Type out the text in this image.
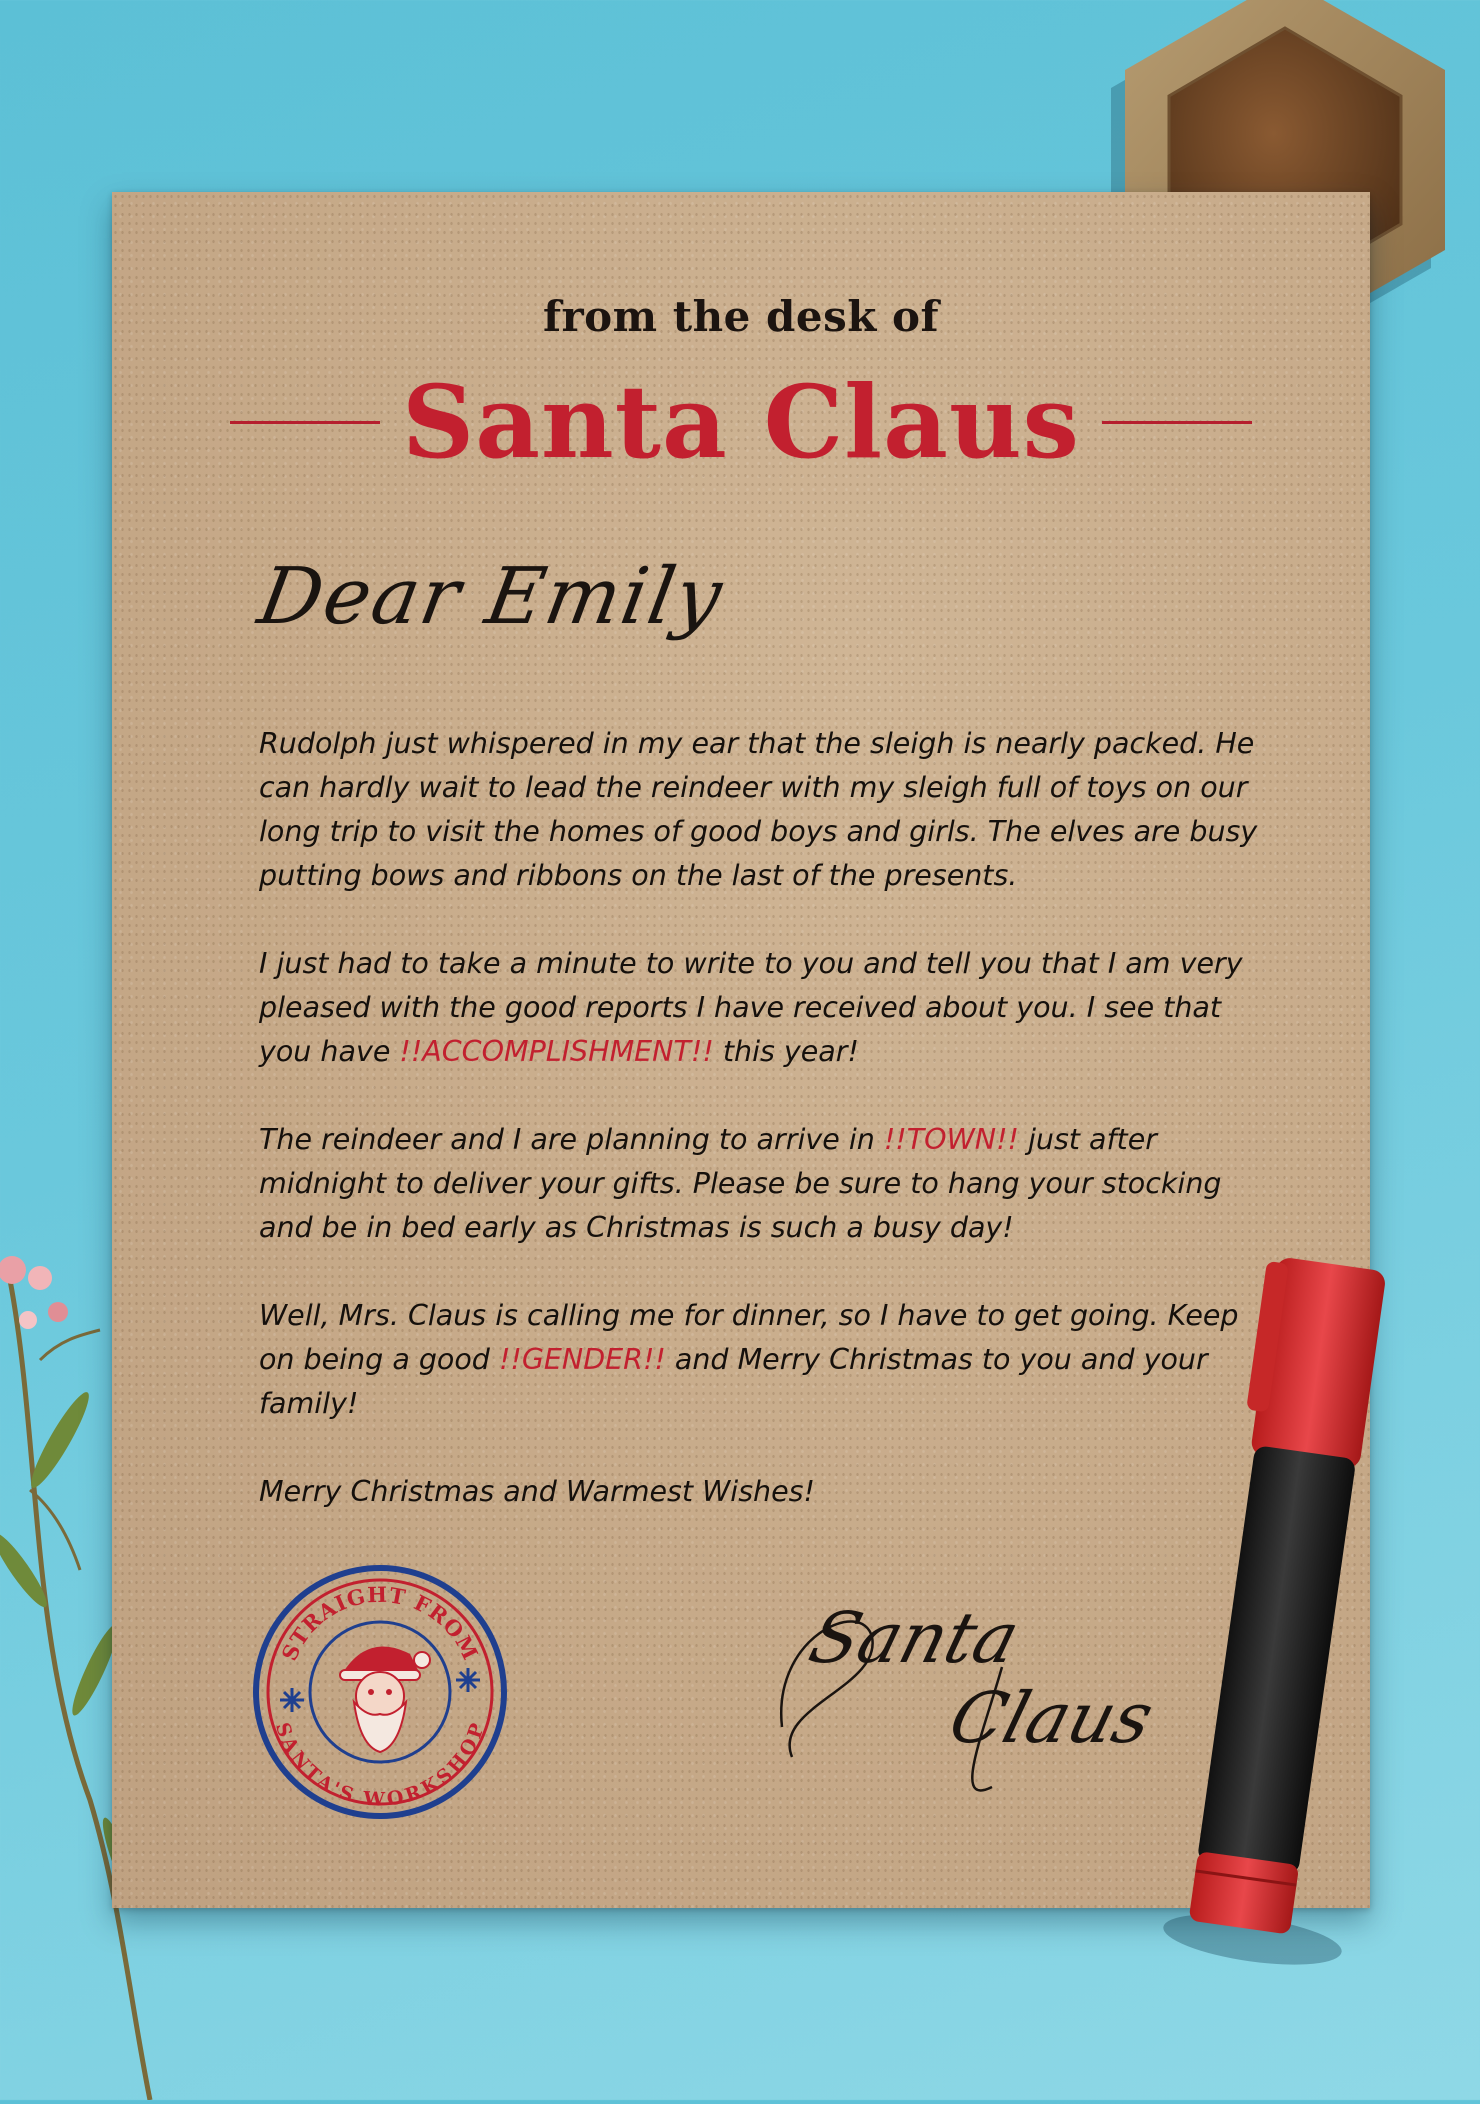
from the desk of
Santa Claus
Dear Emily

Rudolph just whispered in my ear that the sleigh is nearly packed. He can hardly wait to lead the reindeer with my sleigh full of toys on our long trip to visit the homes of good boys and girls. The elves are busy putting bows and ribbons on the last of the presents.

I just had to take a minute to write to you and tell you that I am very pleased with the good reports I have received about you. I see that you have !!ACCOMPLISHMENT!! this year!

The reindeer and I are planning to arrive in !!TOWN!! just after midnight to deliver your gifts. Please be sure to hang your stocking and be in bed early as Christmas is such a busy day!

Well, Mrs. Claus is calling me for dinner, so I have to get going. Keep on being a good !!GENDER!! and Merry Christmas to you and your family!

Merry Christmas and Warmest Wishes!

STRAIGHT FROM
SANTA'S WORKSHOP
Santa
Claus
